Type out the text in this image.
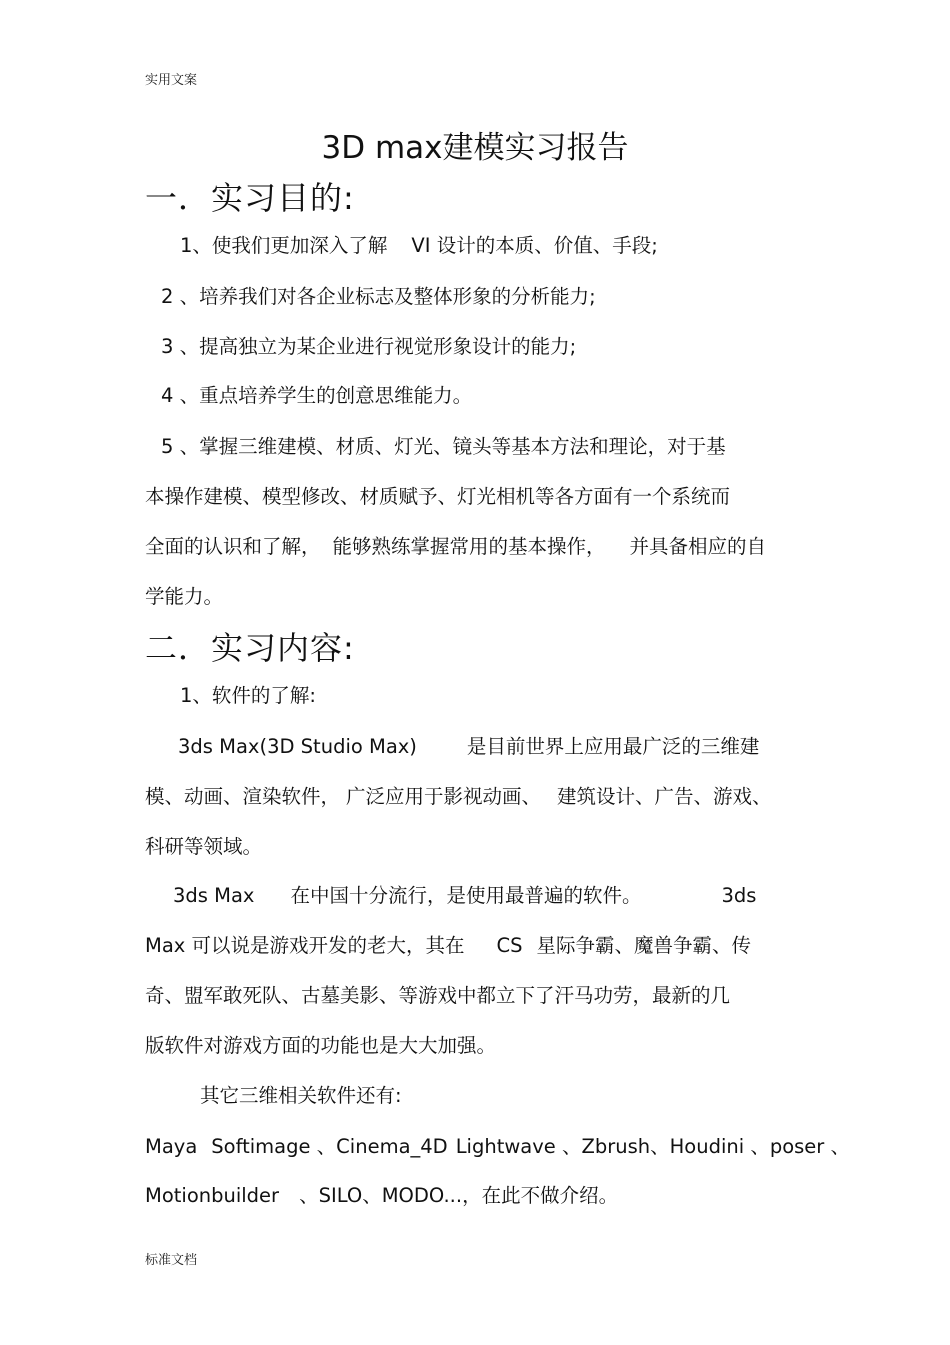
实用文案
3D max建模实习报告
一．实习目的:
1、使我们更加深入了解 VI 设计的本质、价值、手段;
2 、培养我们对各企业标志及整体形象的分析能力;
3 、提高独立为某企业进行视觉形象设计的能力;
4 、重点培养学生的创意思维能力。
5 、掌握三维建模、材质、灯光、镜头等基本方法和理论，对于基
本操作建模、模型修改、材质赋予、灯光相机等各方面有一个系统而
全面的认识和了解， 能够熟练掌握常用的基本操作， 并具备相应的自
学能力。
二．实习内容:
1、软件的了解:
3ds Max(3D Studio Max)	是目前世界上应用最广泛的三维建
模、动画、渲染软件， 广泛应用于影视动画、 建筑设计、广告、游戏、
科研等领域。
3ds Max 在中国十分流行，是使用最普遍的软件。	3ds
Max 可以说是游戏开发的老大，其在 CS 星际争霸、魔兽争霸、传
奇、盟军敢死队、古墓美影、等游戏中都立下了汗马功劳，最新的几
版软件对游戏方面的功能也是大大加强。
其它三维相关软件还有:
Maya Softimage 、Cinema_4D Lightwave 、Zbrush、Houdini 、poser 、
Motionbuilder 、SILO、MODO...，在此不做介绍。
标准文档
